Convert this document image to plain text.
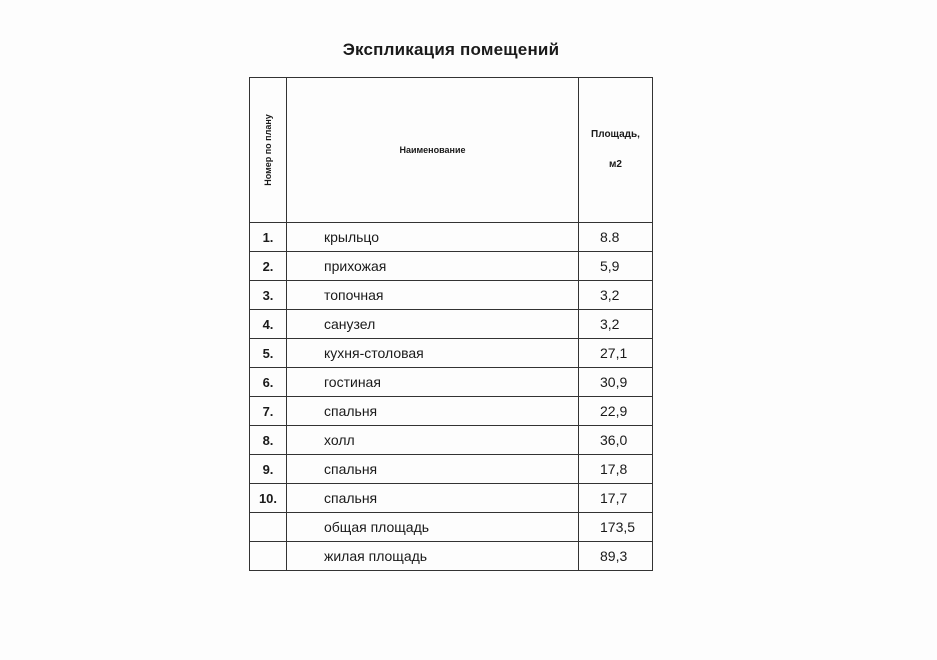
Экспликация помещений
Номер по плану	Наименование	Площадь,
м2

1.	крыльцо	8.8
2.	прихожая	5,9
3.	топочная	3,2
4.	санузел	3,2
5.	кухня-столовая	27,1
6.	гостиная	30,9
7.	спальня	22,9
8.	холл	36,0
9.	спальня	17,8
10.	спальня	17,7
	общая площадь	173,5
	жилая площадь	89,3
